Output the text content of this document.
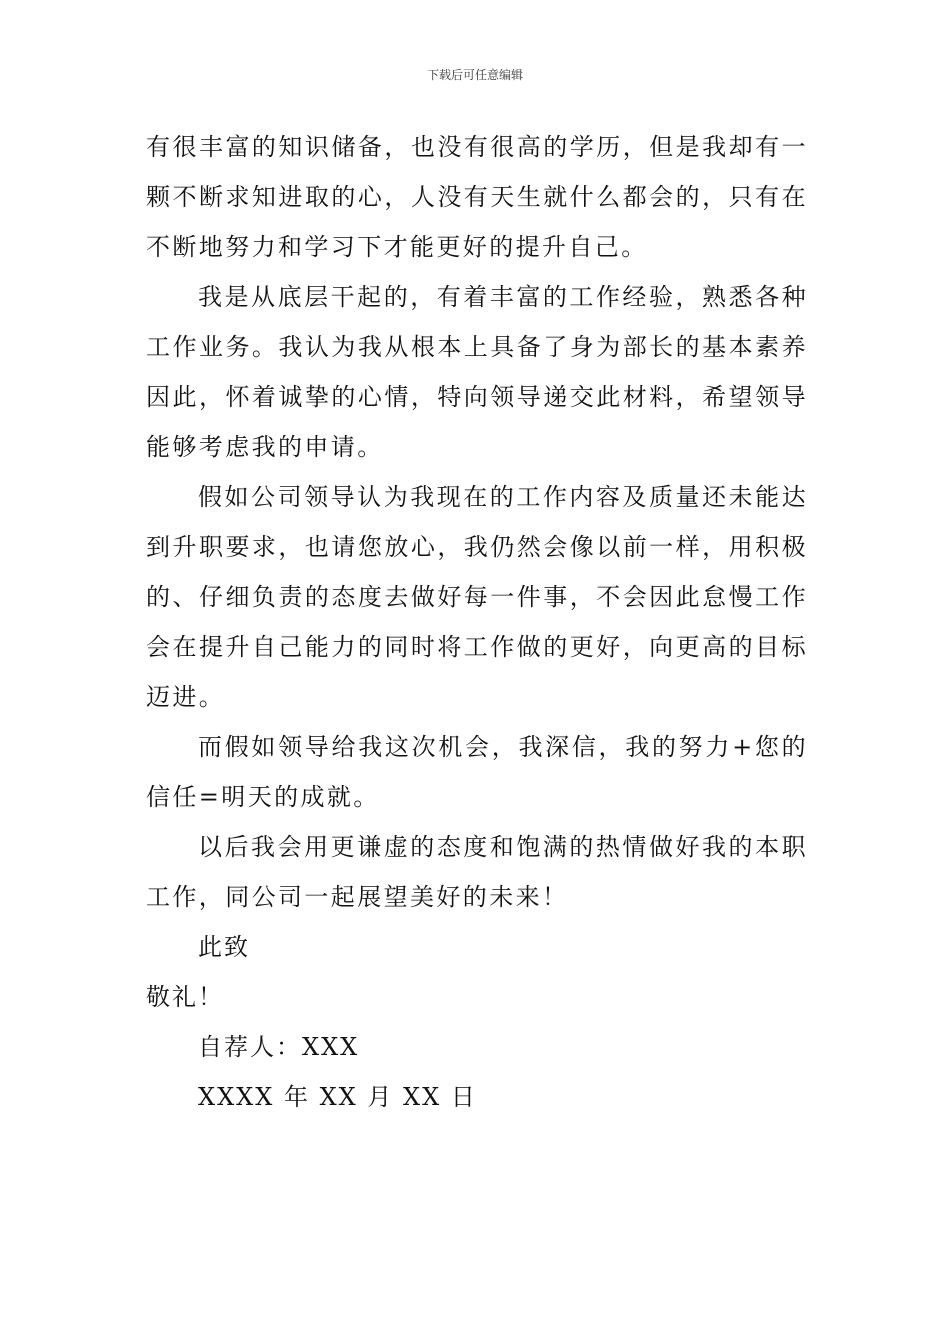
下载后可任意编辑

有很丰富的知识储备，也没有很高的学历，但是我却有一颗不断求知进取的心，人没有天生就什么都会的，只有在不断地努力和学习下才能更好的提升自己。

我是从底层干起的，有着丰富的工作经验，熟悉各种工作业务。我认为我从根本上具备了身为部长的基本素养因此，怀着诚挚的心情，特向领导递交此材料，希望领导能够考虑我的申请。

假如公司领导认为我现在的工作内容及质量还未能达到升职要求，也请您放心，我仍然会像以前一样，用积极的、仔细负责的态度去做好每一件事，不会因此怠慢工作会在提升自己能力的同时将工作做的更好，向更高的目标迈进。

而假如领导给我这次机会，我深信，我的努力+您的信任=明天的成就。

以后我会用更谦虚的态度和饱满的热情做好我的本职工作，同公司一起展望美好的未来！

此致

敬礼！

自荐人：XXX

XXXX 年 XX 月 XX 日
